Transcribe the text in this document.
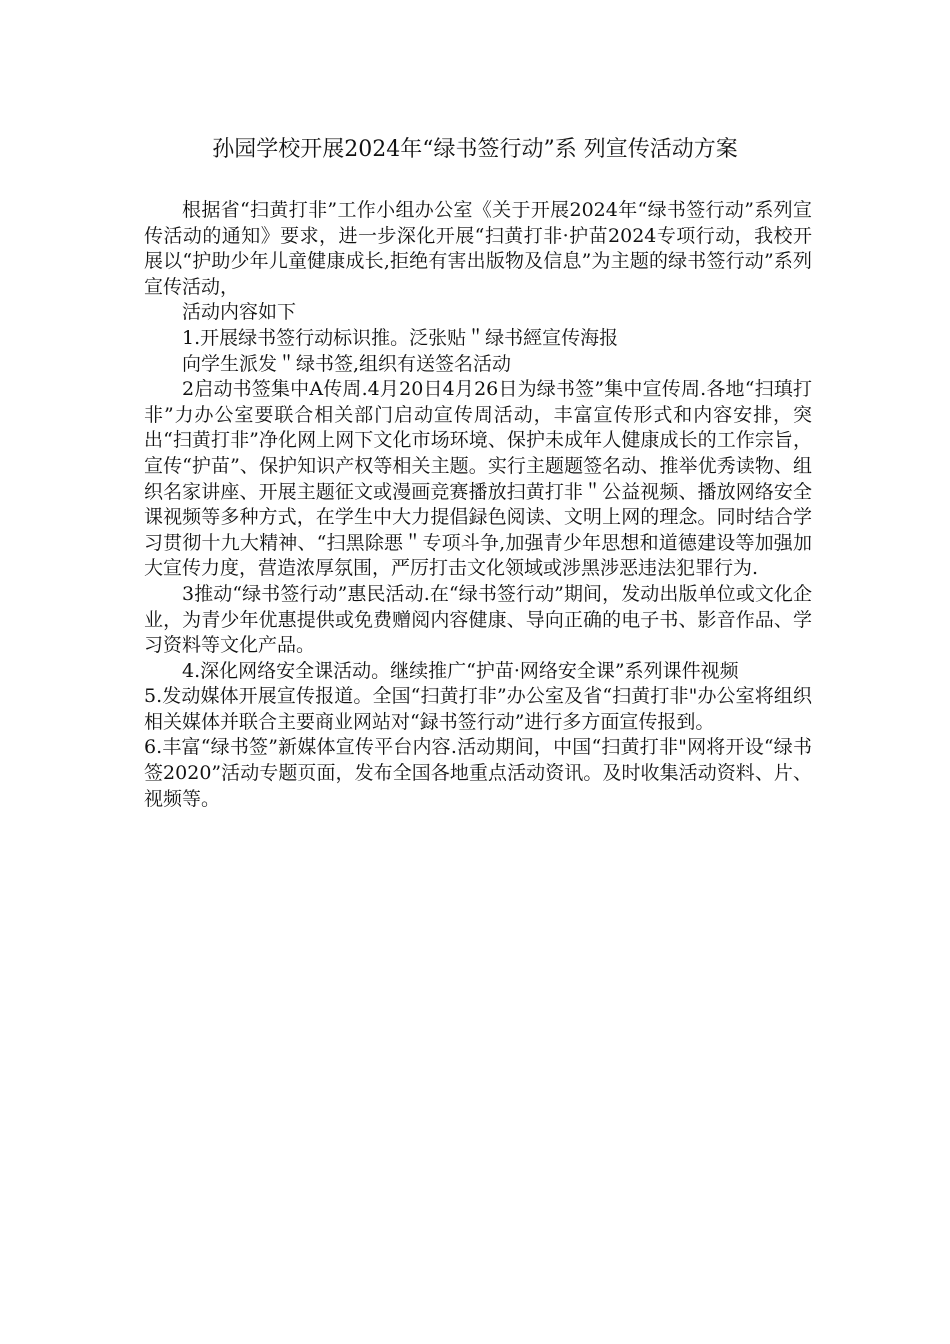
孙园学校开展2024年“绿书签行动”系 列宣传活动方案

根据省“扫黄打非”工作小组办公室《关于开展2024年“绿书签行动”系列宣传活动的通知》要求，进一步深化开展“扫黄打非·护苗2024专项行动，我校开展以“护助少年儿童健康成长,拒绝有害出版物及信息”为主题的绿书签行动”系列宣传活动，

活动内容如下

1.开展绿书签行动标识推。泛张贴＂绿书經宣传海报

向学生派发＂绿书签,组织有送签名活动

2启动书签集中A传周.4月20日4月26日为绿书签”集中宣传周.各地“扫瑱打非”力办公室要联合相关部门启动宣传周活动，丰富宣传形式和内容安排，突出“扫黄打非”净化网上网下文化市场环境、保护未成年人健康成长的工作宗旨，宣传“护苗”、保护知识产权等相关主题。实行主题题签名动、推举优秀读物、组织名家讲座、开展主题征文或漫画竞赛播放扫黄打非＂公益视频、播放网络安全课视频等多种方式，在学生中大力提倡録色阅读、文明上网的理念。同时结合学习贯彻十九大精神、“扫黑除悪＂专项斗争,加强青少年思想和道德建设等加强加大宣传力度，营造浓厚氛围，严厉打击文化领域或涉黑涉恶违法犯罪行为.

3推动“绿书签行动”惠民活动.在“绿书签行动”期间，发动出版单位或文化企业，为青少年优惠提供或免费赠阅内容健康、导向正确的电子书、影音作品、学习资料等文化产品。

4.深化网络安全课活动。继续推广“护苗·网络安全课”系列课件视频

5.发动媒体开展宣传报道。全国“扫黄打非”办公室及省“扫黄打非"办公室将组织相关媒体并联合主要商业网站对“録书签行动”进行多方面宣传报到。

6.丰富“绿书签”新媒体宣传平台内容.活动期间，中国“扫黄打非"网将开设“绿书签2020”活动专题页面，发布全国各地重点活动资讯。及时收集活动资料、片、视频等。
